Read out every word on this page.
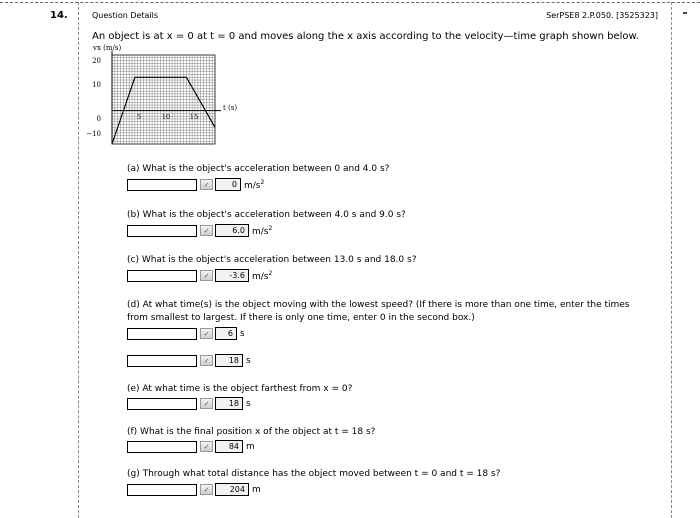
14.	Question Details	SerPSE8 2.P.050. [3525323]
An object is at x = 0 at t = 0 and moves along the x axis according to the velocity—time graph shown below.
vx (m/s)
t (s)
20
10
0
−10
5	10	15
(a) What is the object's acceleration between 0 and 4.0 s?
✓	0 $m/s^2$
(b) What is the object's acceleration between 4.0 s and 9.0 s?
✓	6.0 $m/s^2$
(c) What is the object's acceleration between 13.0 s and 18.0 s?
✓	-3.6 $m/s^2$
(d) At what time(s) is the object moving with the lowest speed? (If there is more than one time, enter the times from smallest to largest. If there is only one time, enter 0 in the second box.)
✓	6 s
✓	18 s
(e) At what time is the object farthest from x = 0?
✓	18 s
(f) What is the final position x of the object at t = 18 s?
✓	84 m
(g) Through what total distance has the object moved between t = 0 and t = 18 s?
✓	204 m
